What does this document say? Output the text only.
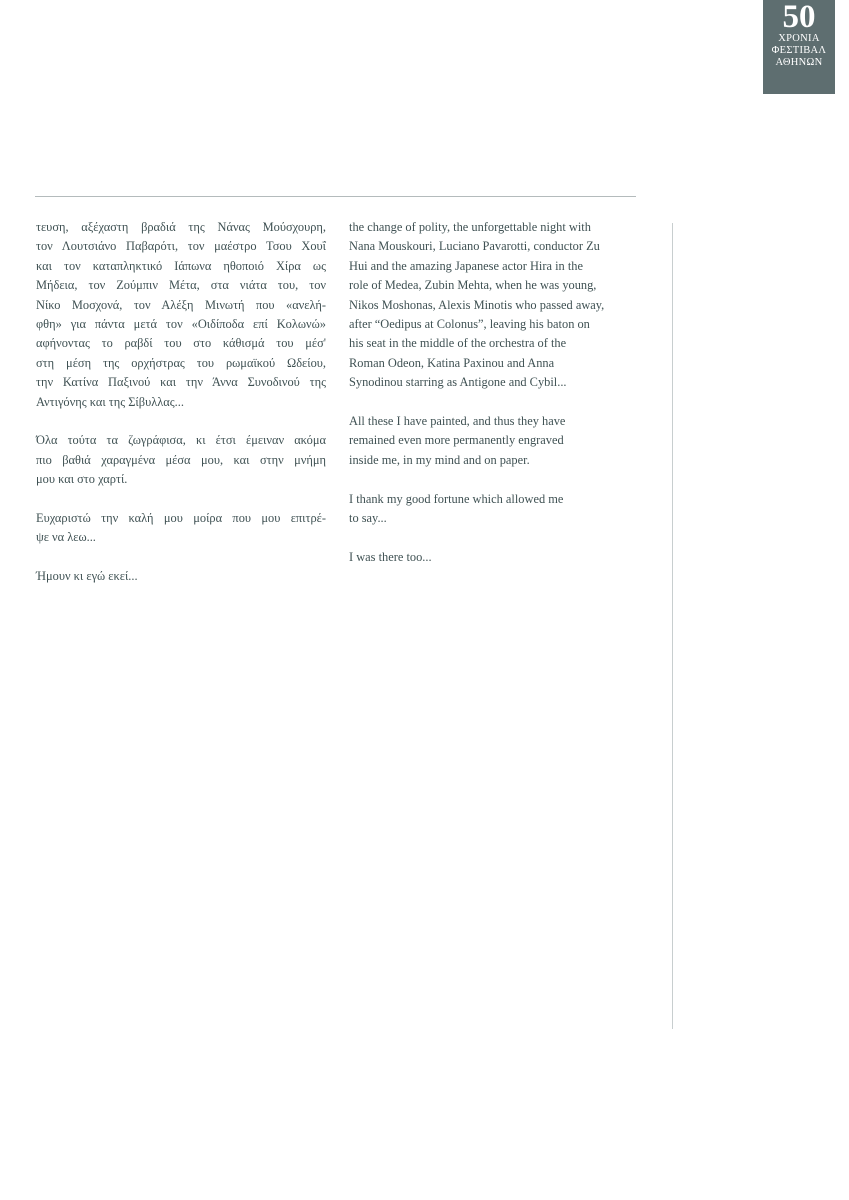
50
ΧΡΟΝΙΑ
ΦΕΣΤΙΒΑΛ
ΑΘΗΝΩΝ
τευση, αξέχαστη βραδιά της Νάνας Μούσχουρη,
τον Λουτσιάνο Παβαρότι, τον μαέστρο Τσου Χουΐ
και τον καταπληκτικό Ιάπωνα ηθοποιό Χίρα ως
Μήδεια, τον Ζούμπιν Μέτα, στα νιάτα του, τον
Νίκο Μοσχονά, τον Αλέξη Μινωτή που «ανελή-
φθη» για πάντα μετά τον «Οιδίποδα επί Κολωνώ»
αφήνοντας το ραβδί του στο κάθισμά του μέσ'
στη μέση της ορχήστρας του ρωμαϊκού Ωδείου,
την Κατίνα Παξινού και την Άννα Συνοδινού της
Αντιγόνης και της Σίβυλλας...
Όλα τούτα τα ζωγράφισα, κι έτσι έμειναν ακόμα
πιο βαθιά χαραγμένα μέσα μου, και στην μνήμη
μου και στο χαρτί.
Ευχαριστώ την καλή μου μοίρα που μου επιτρέ-
ψε να λεω...
Ήμουν κι εγώ εκεί...
the change of polity, the unforgettable night with
Nana Mouskouri, Luciano Pavarotti, conductor Zu
Hui and the amazing Japanese actor Hira in the
role of Medea, Zubin Mehta, when he was young,
Nikos Moshonas, Alexis Minotis who passed away,
after “Oedipus at Colonus”, leaving his baton on
his seat in the middle of the orchestra of the
Roman Odeon, Katina Paxinou and Anna
Synodinou starring as Antigone and Cybil...
All these I have painted, and thus they have
remained even more permanently engraved
inside me, in my mind and on paper.
I thank my good fortune which allowed me
to say...
I was there too...
